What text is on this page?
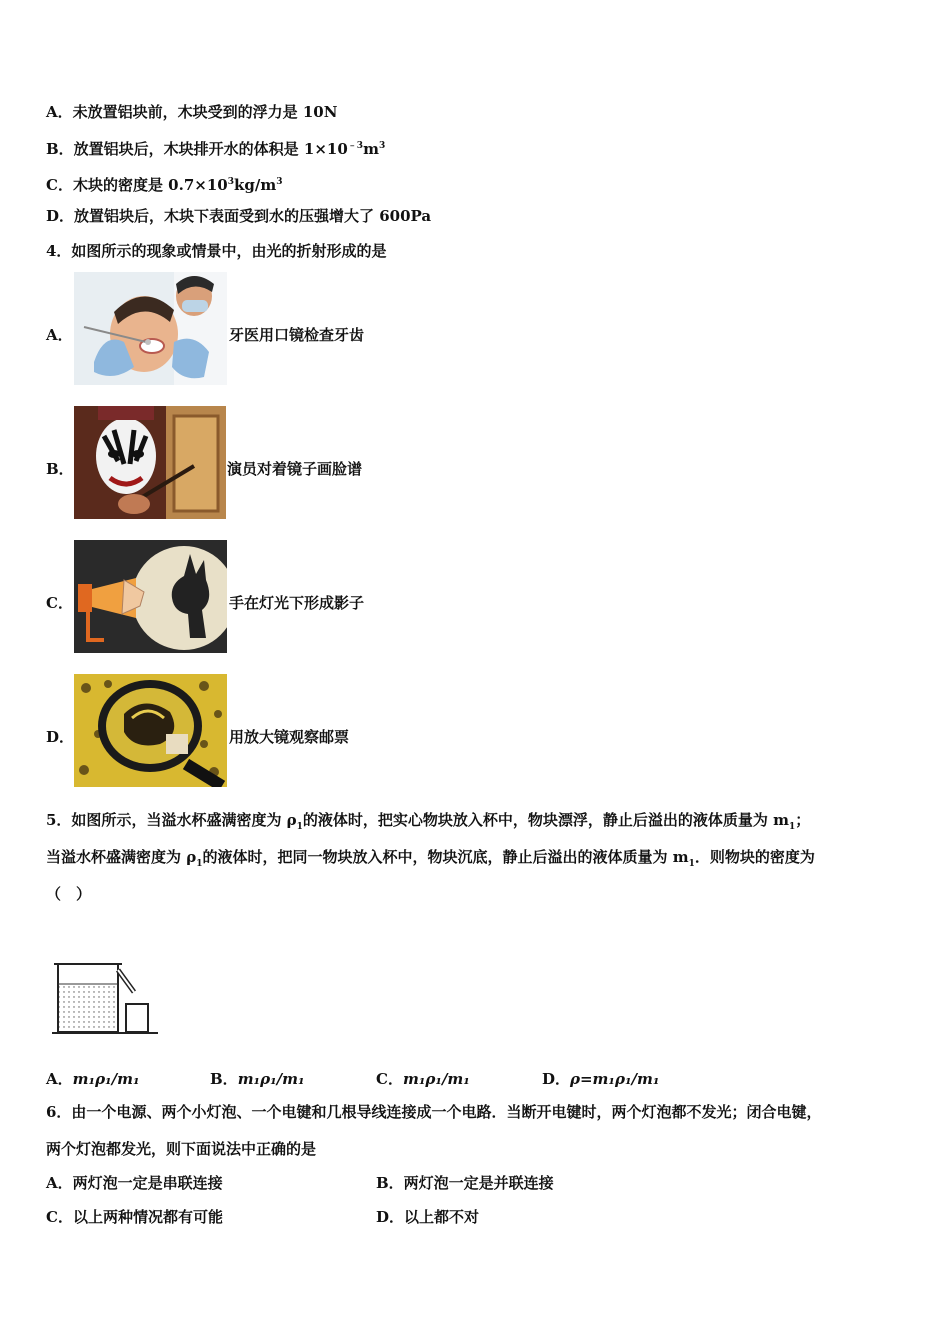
A．未放置铝块前，木块受到的浮力是 10N
B．放置铝块后，木块排开水的体积是 $1\times 10^{﹣3}m^3$
C．木块的密度是 $0.7\times 10^3kg/m^3$
D．放置铝块后，木块下表面受到水的压强增大了 600Pa
4．如图所示的现象或情景中，由光的折射形成的是
A．	牙医用口镜检查牙齿
B．	演员对着镜子画脸谱
C．	手在灯光下形成影子
D．	用放大镜观察邮票
5．如图所示，当溢水杯盛满密度为 $\rho_1$的液体时，把实心物块放入杯中，物块漂浮，静止后溢出的液体质量为 $m_1$；
当溢水杯盛满密度为 $\rho_1$的液体时，把同一物块放入杯中，物块沉底，静止后溢出的液体质量为 $m_1$．则物块的密度为
（　）
A．m₁ρ₁/m₁	B．m₁ρ₁/m₁	C．m₁ρ₁/m₁	D．ρ=m₁ρ₁/m₁
6．由一个电源、两个小灯泡、一个电键和几根导线连接成一个电路．当断开电键时，两个灯泡都不发光；闭合电键，
两个灯泡都发光，则下面说法中正确的是
A．两灯泡一定是串联连接	B．两灯泡一定是并联连接
C．以上两种情况都有可能	D．以上都不对
